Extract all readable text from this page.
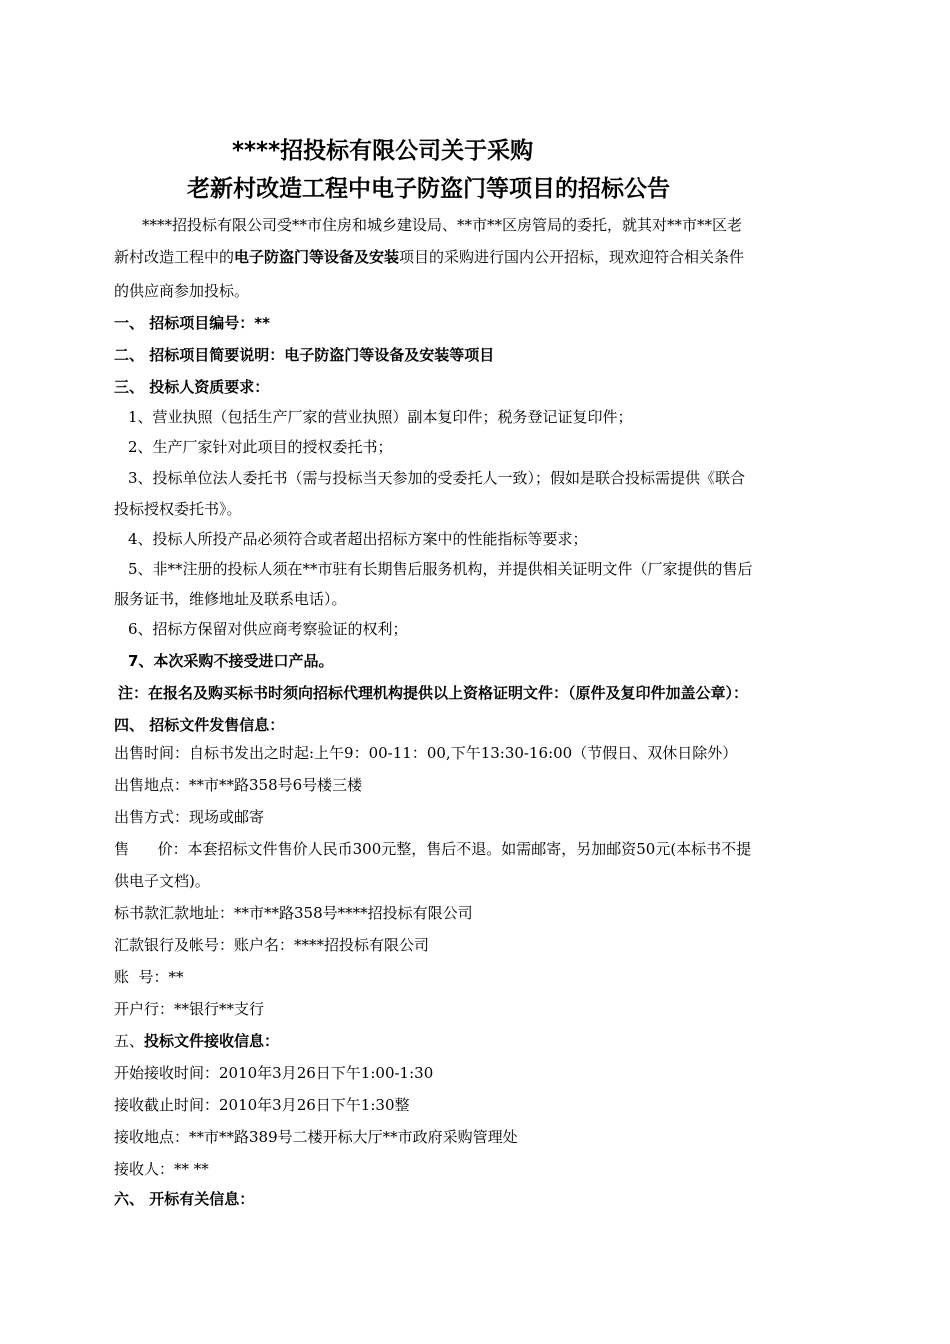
****招投标有限公司关于采购
老新村改造工程中电子防盗门等项目的招标公告
****招投标有限公司受**市住房和城乡建设局、**市**区房管局的委托，就其对**市**区老
新村改造工程中的电子防盗门等设备及安装项目的采购进行国内公开招标，现欢迎符合相关条件
的供应商参加投标。
一、 招标项目编号：**
二、 招标项目简要说明：电子防盗门等设备及安装等项目
三、 投标人资质要求：
1、营业执照（包括生产厂家的营业执照）副本复印件；税务登记证复印件；
2、生产厂家针对此项目的授权委托书；
3、投标单位法人委托书（需与投标当天参加的受委托人一致）；假如是联合投标需提供《联合
投标授权委托书》。
4、投标人所投产品必须符合或者超出招标方案中的性能指标等要求；
5、非**注册的投标人须在**市驻有长期售后服务机构，并提供相关证明文件（厂家提供的售后
服务证书，维修地址及联系电话）。
6、招标方保留对供应商考察验证的权利；
7、本次采购不接受进口产品。
注：在报名及购买标书时须向招标代理机构提供以上资格证明文件：（原件及复印件加盖公章）：
四、 招标文件发售信息：
出售时间：自标书发出之时起:上午9：00-11：00,下午13:30-16:00（节假日、双休日除外）
出售地点：**市**路358号6号楼三楼
出售方式：现场或邮寄
售      价：本套招标文件售价人民币300元整，售后不退。如需邮寄，另加邮资50元(本标书不提
供电子文档)。
标书款汇款地址：**市**路358号****招投标有限公司
汇款银行及帐号：账户名：****招投标有限公司
账  号：**
开户行：**银行**支行
五、投标文件接收信息：
开始接收时间：2010年3月26日下午1:00-1:30
接收截止时间：2010年3月26日下午1:30整
接收地点：**市**路389号二楼开标大厅**市政府采购管理处
接收人：** **
六、 开标有关信息：
